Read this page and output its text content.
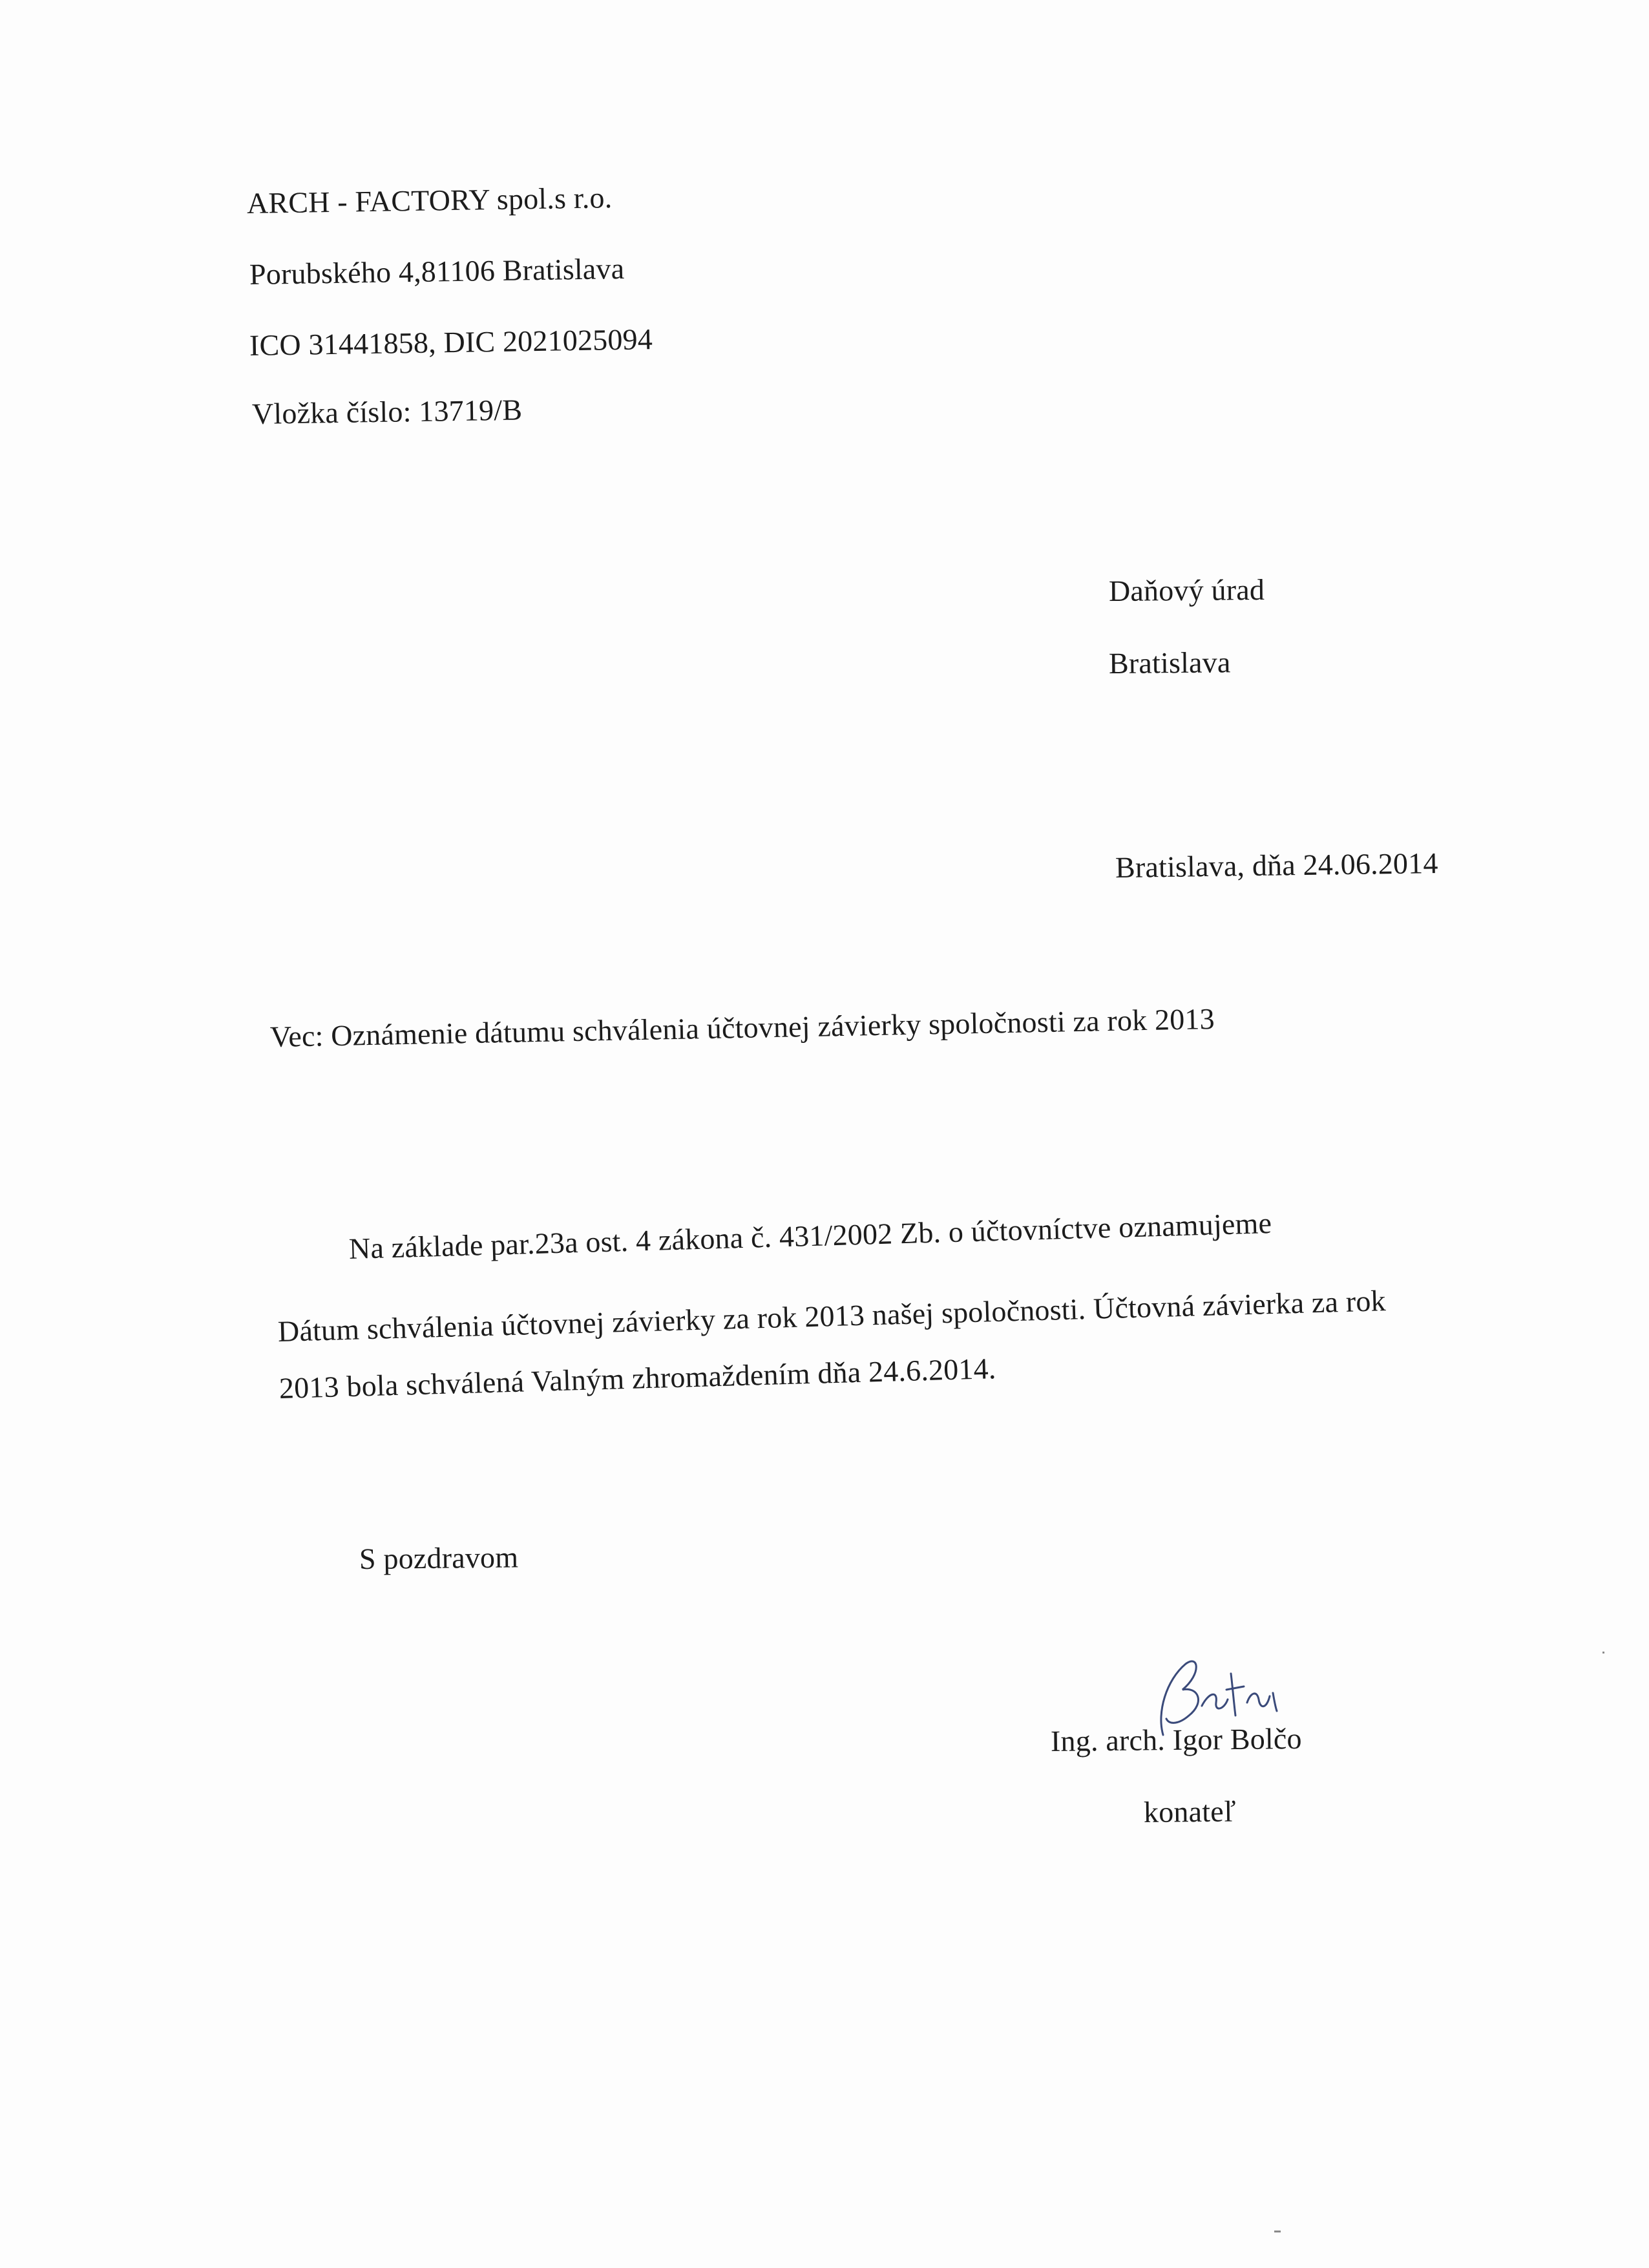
ARCH - FACTORY spol.s r.o.
Porubského 4,81106 Bratislava
ICO 31441858, DIC 2021025094
Vložka číslo: 13719/B
Daňový úrad
Bratislava
Bratislava, dňa 24.06.2014
Vec: Oznámenie dátumu schválenia účtovnej závierky spoločnosti za rok 2013
Na základe par.23a ost. 4 zákona č. 431/2002 Zb. o účtovníctve oznamujeme
Dátum schválenia účtovnej závierky za rok 2013 našej spoločnosti. Účtovná závierka za rok
2013 bola schválená Valným zhromaždením dňa 24.6.2014.
S pozdravom
Ing. arch. Igor Bolčo
konateľ
